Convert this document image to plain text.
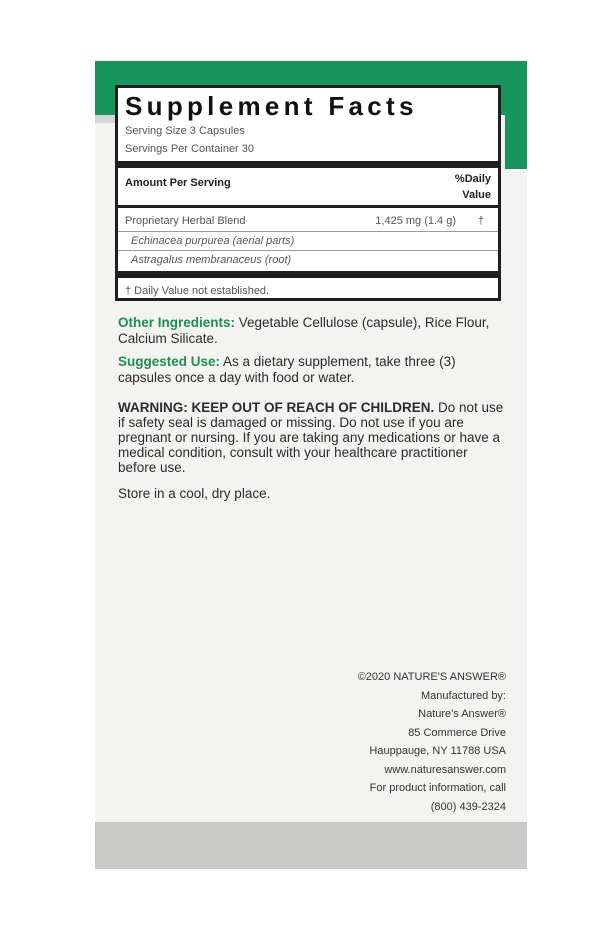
Supplement Facts
Serving Size 3 Capsules
Servings Per Container 30
Amount Per Serving	%Daily
Value
Proprietary Herbal Blend	1,425 mg (1.4 g) †
Echinacea purpurea (aerial parts)
Astragalus membranaceus (root)
† Daily Value not established.
Other Ingredients: Vegetable Cellulose (capsule), Rice Flour, Calcium Silicate.
Suggested Use: As a dietary supplement, take three (3) capsules once a day with food or water.
WARNING: KEEP OUT OF REACH OF CHILDREN. Do not use if safety seal is damaged or missing. Do not use if you are pregnant or nursing. If you are taking any medications or have a medical condition, consult with your healthcare practitioner before use.
Store in a cool, dry place.
©2020 NATURE'S ANSWER®
Manufactured by:
Nature's Answer®
85 Commerce Drive
Hauppauge, NY 11788 USA
www.naturesanswer.com
For product information, call
(800) 439-2324
